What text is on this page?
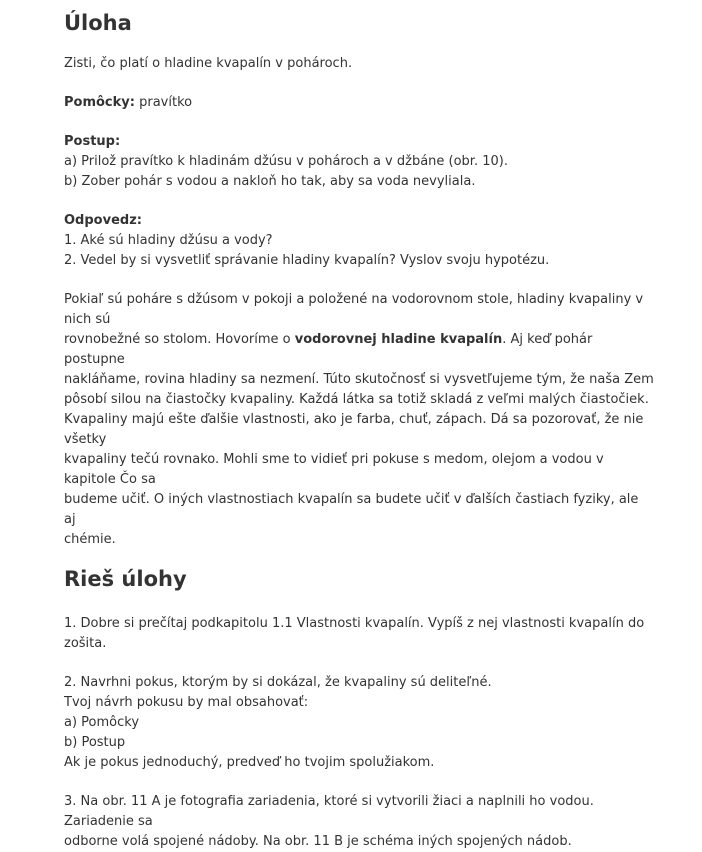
Úloha

Zisti, čo platí o hladine kvapalín v pohároch.

Pomôcky: pravítko

Postup:

a) Prilož pravítko k hladinám džúsu v pohároch a v džbáne (obr. 10).

b) Zober pohár s vodou a nakloň ho tak, aby sa voda nevyliala.

Odpovedz:

1. Aké sú hladiny džúsu a vody?

2. Vedel by si vysvetliť správanie hladiny kvapalín? Vyslov svoju hypotézu.

Pokiaľ sú poháre s džúsom v pokoji a položené na vodorovnom stole, hladiny kvapaliny v nich sú

rovnobežné so stolom. Hovoríme o vodorovnej hladine kvapalín. Aj keď pohár postupne

nakláňame, rovina hladiny sa nezmení. Túto skutočnosť si vysvetľujeme tým, že naša Zem

pôsobí silou na čiastočky kvapaliny. Každá látka sa totiž skladá z veľmi malých čiastočiek.

Kvapaliny majú ešte ďalšie vlastnosti, ako je farba, chuť, zápach. Dá sa pozorovať, že nie všetky

kvapaliny tečú rovnako. Mohli sme to vidieť pri pokuse s medom, olejom a vodou v kapitole Čo sa

budeme učiť. O iných vlastnostiach kvapalín sa budete učiť v ďalších častiach fyziky, ale aj

chémie.

Rieš úlohy

1. Dobre si prečítaj podkapitolu 1.1 Vlastnosti kvapalín. Vypíš z nej vlastnosti kvapalín do zošita.

2. Navrhni pokus, ktorým by si dokázal, že kvapaliny sú deliteľné.

Tvoj návrh pokusu by mal obsahovať:

a) Pomôcky

b) Postup

Ak je pokus jednoduchý, predveď ho tvojim spolužiakom.

3. Na obr. 11 A je fotografia zariadenia, ktoré si vytvorili žiaci a naplnili ho vodou. Zariadenie sa

odborne volá spojené nádoby. Na obr. 11 B je schéma iných spojených nádob.
